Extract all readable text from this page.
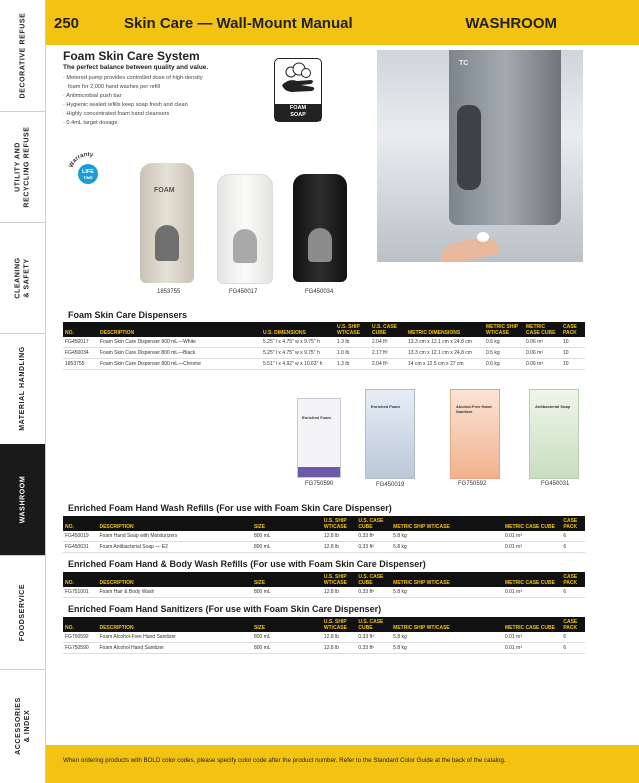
DECORATIVE REFUSE
UTILITY AND
RECYCLING REFUSE
CLEANING
& SAFETY
MATERIAL HANDLING
WASHROOM
FOODSERVICE
ACCESSORIES
& INDEX
250	Skin Care — Wall-Mount Manual	WASHROOM
Foam Skin Care System
The perfect balance between quality and value.
· Metered pump provides controlled dose of high-density
foam for 2,000 hand washes per refill
· Antimicrobial push bar
· Hygienic sealed refills keep soap fresh and clean
· Highly concentrated foam hand cleansers
· 0.4mL target dosage
FOAM
SOAP
Warranty
LIFE
TIME
FOAM
1853755	FG450017	FG450034
TC
Foam Skin Care Dispensers
NO.	DESCRIPTION	U.S. DIMENSIONS	U.S. SHIP WT/CASE	U.S. CASE CUBE	METRIC DIMENSIONS	METRIC SHIP WT/CASE	METRIC CASE CUBE	CASE PACK
FG450017	Foam Skin Care Dispenser 800 mL—White	5.25" l x 4.75" w x 9.75" h	1.3 lb	2.04 ft³	13.3 cm x 12.1 cm x 24.8 cm	0.6 kg	0.06 m³	10
FG450034	Foam Skin Care Dispenser 800 mL—Black	5.25" l x 4.75" w x 9.75" h	1.0 lb	2.17 ft³	13.3 cm x 12.1 cm x 24.8 cm	0.5 kg	0.06 m³	10
1853755	Foam Skin Care Dispenser 800 mL—Chrome	5.51" l x 4.92" w x 10.63" h	1.3 lb	2.04 ft³	14 cm x 12.5 cm x 27 cm	0.6 kg	0.06 m³	10
Enriched Foam
Enriched Foam	Alcohol-Free Hand Sanitizer
Antibacterial Soap
FG750590	FG450019	FG750592	FG450031
Enriched Foam Hand Wash Refills (For use with Foam Skin Care Dispenser)
NO.	DESCRIPTION	SIZE	U.S. SHIP WT/CASE	U.S. CASE CUBE	METRIC SHIP WT/CASE	METRIC CASE CUBE	CASE PACK
FG450019	Foam Hand Soap with Moisturizers	800 mL	12.8 lb	0.33 ft³	5.8 kg	0.01 m³	6
FG450031	Foam Antibacterial Soap — E2	800 mL	12.8 lb	0.33 ft³	5.8 kg	0.01 m³	6
Enriched Foam Hand & Body Wash Refills (For use with Foam Skin Care Dispenser)
NO.	DESCRIPTION	SIZE	U.S. SHIP WT/CASE	U.S. CASE CUBE	METRIC SHIP WT/CASE	METRIC CASE CUBE	CASE PACK
FG751001	Foam Hair & Body Wash	800 mL	12.8 lb	0.33 ft³	5.8 kg	0.01 m³	6
Enriched Foam Hand Sanitizers (For use with Foam Skin Care Dispenser)
NO.	DESCRIPTION	SIZE	U.S. SHIP WT/CASE	U.S. CASE CUBE	METRIC SHIP WT/CASE	METRIC CASE CUBE	CASE PACK
FG750592	Foam Alcohol-Free Hand Sanitizer	800 mL	12.8 lb	0.33 ft³	5.8 kg	0.01 m³	6
FG750590	Foam Alcohol Hand Sanitizer	800 mL	12.8 lb	0.33 ft³	5.8 kg	0.01 m³	6
When ordering products with BOLD color codes, please specify color code after the product number. Refer to the Standard Color Guide at the back of the catalog.
